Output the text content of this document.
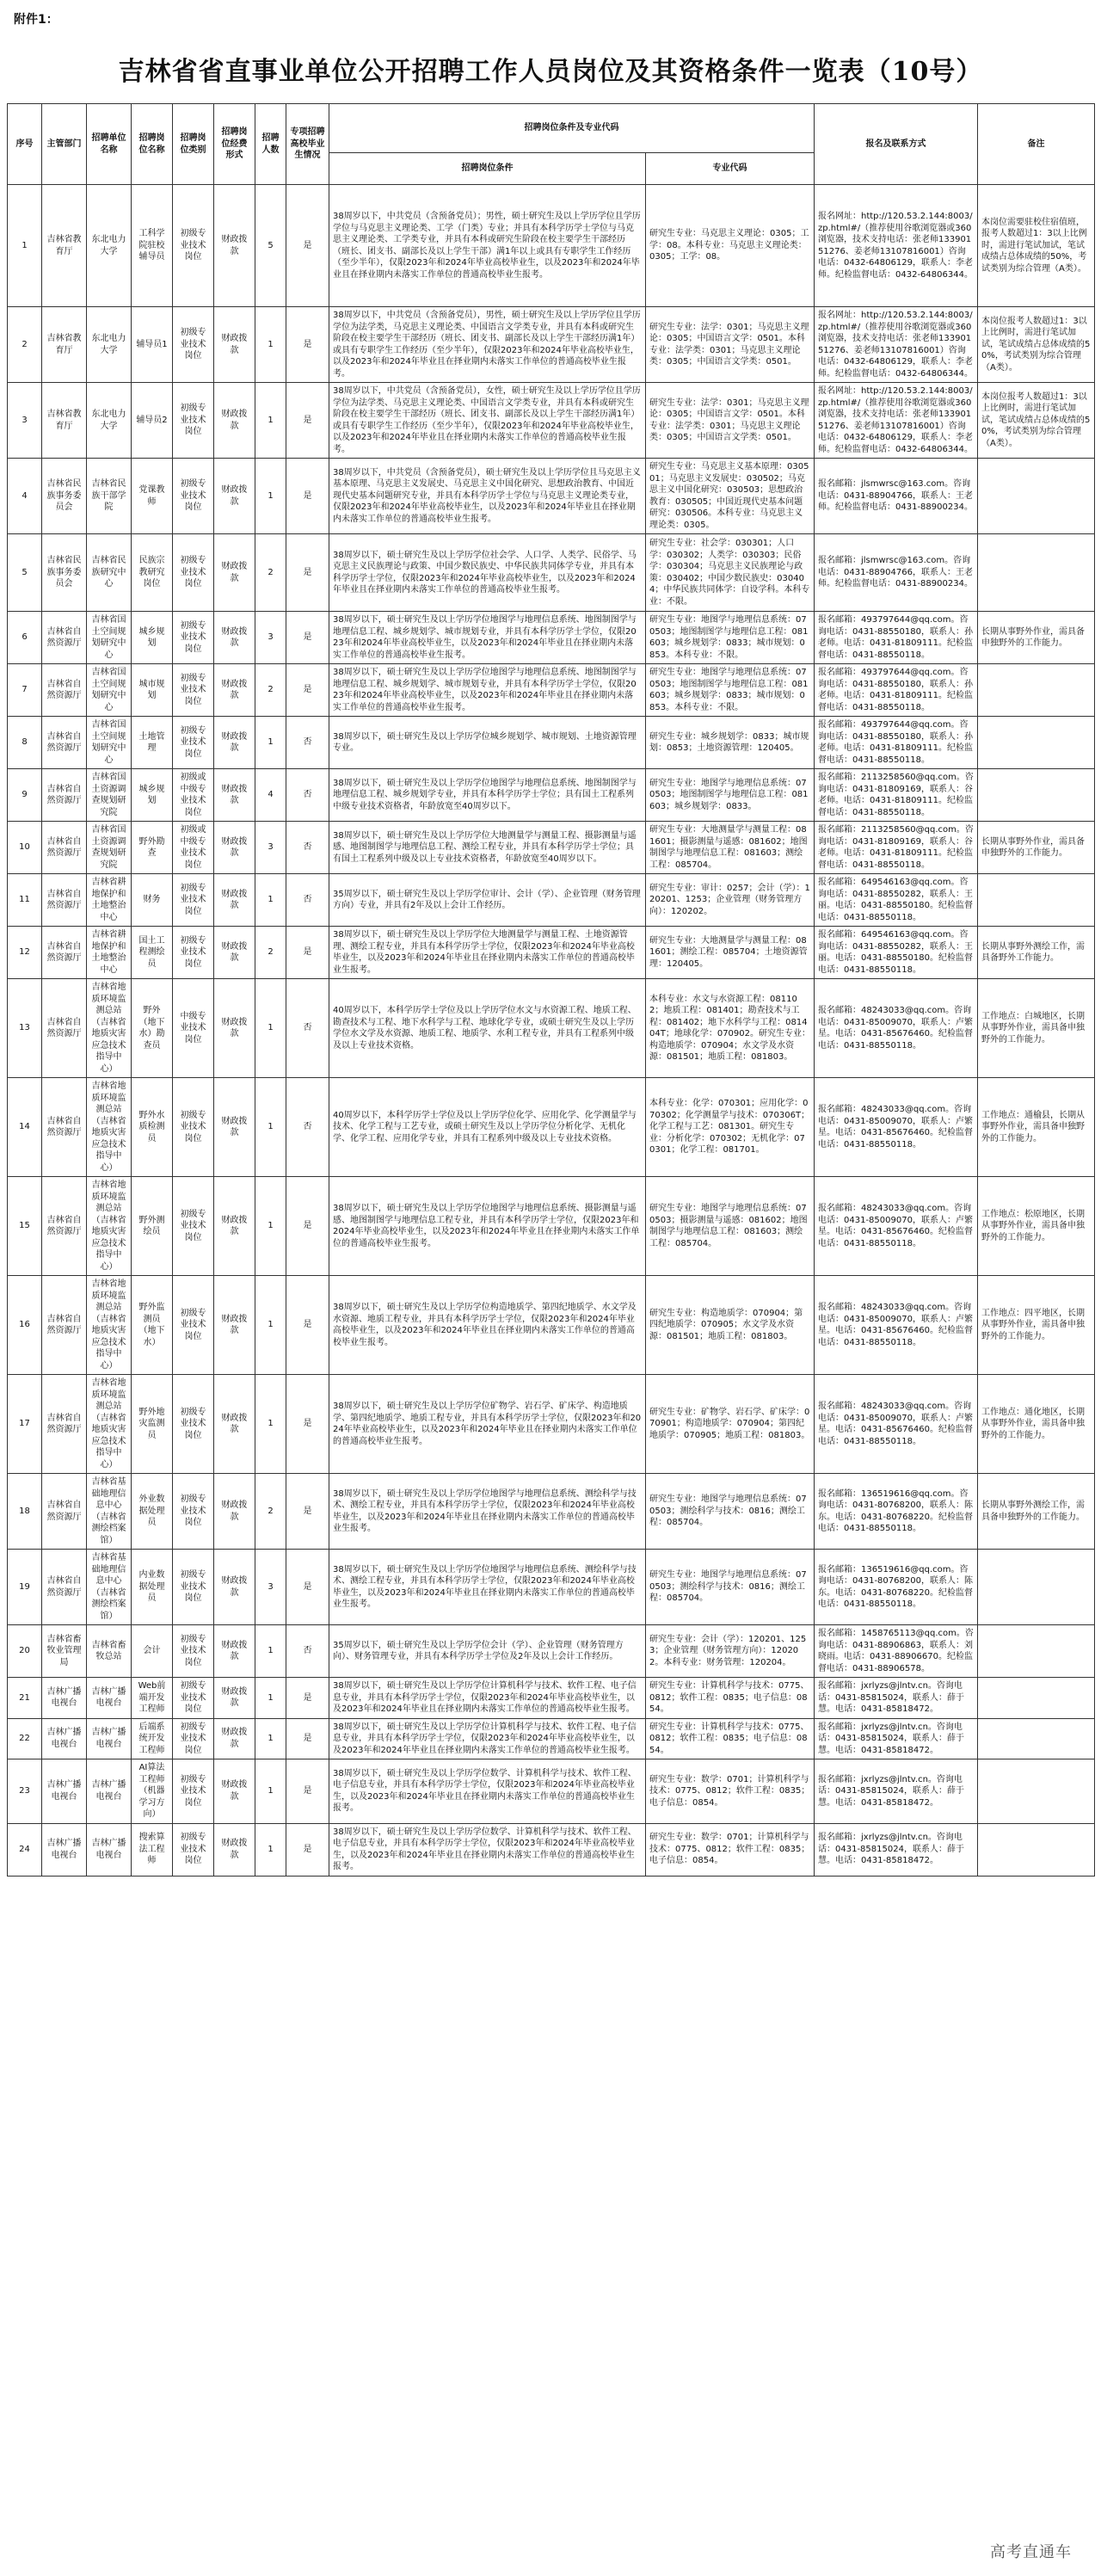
附件1：
吉林省省直事业单位公开招聘工作人员岗位及其资格条件一览表（10号）
序号	主管部门	招聘单位名称	招聘岗位名称	招聘岗位类别	招聘岗位经费形式	招聘人数	专项招聘高校毕业生情况	招聘岗位条件及专业代码		报名及联系方式	备注
								招聘岗位条件	专业代码		
1	吉林省教育厅	东北电力大学	工科学院驻校辅导员	初级专业技术岗位	财政拨款	5	是	38周岁以下，中共党员（含预备党员）；男性，硕士研究生及以上学历学位且学历学位与马克思主义理论类、工学（门类）专业；并具有本科学历学士学位与马克思主义理论类、工学类专业，并具有本科或研究生阶段在校主要学生干部经历（班长、团支书、副部长及以上学生干部）满1年以上或具有专职学生工作经历（至少半年），仅限2023年和2024年毕业高校毕业生，以及2023年和2024年毕业且在择业期内未落实工作单位的普通高校毕业生报考。	研究生专业：马克思主义理论：0305；工学：08。本科专业：马克思主义理论类：0305；工学：08。	报名网址：http://120.53.2.144:8003/zp.html#/（推荐使用谷歌浏览器或360浏览器，技术支持电话：张老师13390151276、姜老师13107816001）咨询电话：0432-64806129，联系人：李老师。纪检监督电话：0432-64806344。	本岗位需要驻校住宿值班，报考人数超过1：3以上比例时，需进行笔试加试，笔试成绩占总体成绩的50%，考试类别为综合管理（A类）。
2	吉林省教育厅	东北电力大学	辅导员1	初级专业技术岗位	财政拨款	1	是	38周岁以下，中共党员（含预备党员），男性，硕士研究生及以上学历学位且学历学位为法学类，马克思主义理论类、中国语言文学类专业，并具有本科或研究生阶段在校主要学生干部经历（班长、团支书、副部长及以上学生干部经历满1年）或具有专职学生工作经历（至少半年），仅限2023年和2024年毕业高校毕业生，以及2023年和2024年毕业且在择业期内未落实工作单位的普通高校毕业生报考。	研究生专业：法学：0301；马克思主义理论：0305；中国语言文学：0501。本科专业：法学类：0301；马克思主义理论类：0305；中国语言文学类：0501。	报名网址：http://120.53.2.144:8003/zp.html#/（推荐使用谷歌浏览器或360浏览器，技术支持电话：张老师13390151276、姜老师13107816001）咨询电话：0432-64806129，联系人：李老师。纪检监督电话：0432-64806344。	本岗位报考人数超过1：3以上比例时，需进行笔试加试，笔试成绩占总体成绩的50%，考试类别为综合管理（A类）。
3	吉林省教育厅	东北电力大学	辅导员2	初级专业技术岗位	财政拨款	1	是	38周岁以下，中共党员（含预备党员），女性，硕士研究生及以上学历学位且学历学位为法学类、马克思主义理论类、中国语言文学类专业，并具有本科或研究生阶段在校主要学生干部经历（班长、团支书、副部长及以上学生干部经历满1年）或具有专职学生工作经历（至少半年），仅限2023年和2024年毕业高校毕业生，以及2023年和2024年毕业且在择业期内未落实工作单位的普通高校毕业生报考。	研究生专业：法学：0301；马克思主义理论：0305；中国语言文学：0501。本科专业：法学类：0301；马克思主义理论类：0305；中国语言文学类：0501。	报名网址：http://120.53.2.144:8003/zp.html#/（推荐使用谷歌浏览器或360浏览器，技术支持电话：张老师13390151276、姜老师13107816001）咨询电话：0432-64806129，联系人：李老师。纪检监督电话：0432-64806344。	本岗位报考人数超过1：3以上比例时，需进行笔试加试，笔试成绩占总体成绩的50%，考试类别为综合管理（A类）。
4	吉林省民族事务委员会	吉林省民族干部学院	党课教师	初级专业技术岗位	财政拨款	1	是	38周岁以下，中共党员（含预备党员），硕士研究生及以上学历学位且马克思主义基本原理、马克思主义发展史、马克思主义中国化研究、思想政治教育、中国近现代史基本问题研究专业，并具有本科学历学士学位与马克思主义理论类专业，仅限2023年和2024年毕业高校毕业生，以及2023年和2024年毕业且在择业期内未落实工作单位的普通高校毕业生报考。	研究生专业：马克思主义基本原理：030501；马克思主义发展史：030502；马克思主义中国化研究：030503；思想政治教育：030505；中国近现代史基本问题研究：030506。本科专业：马克思主义理论类：0305。	报名邮箱：jlsmwrsc@163.com。咨询电话：0431-88904766，联系人：王老师。纪检监督电话：0431-88900234。	
5	吉林省民族事务委员会	吉林省民族研究中心	民族宗教研究岗位	初级专业技术岗位	财政拨款	2	是	38周岁以下，硕士研究生及以上学历学位社会学、人口学、人类学、民俗学、马克思主义民族理论与政策、中国少数民族史、中华民族共同体学专业，并具有本科学历学士学位，仅限2023年和2024年毕业高校毕业生，以及2023年和2024年毕业且在择业期内未落实工作单位的普通高校毕业生报考。	研究生专业：社会学：030301；人口学：030302；人类学：030303；民俗学：030304；马克思主义民族理论与政策：030402；中国少数民族史：030404；中华民族共同体学：自设学科。本科专业：不限。	报名邮箱：jlsmwrsc@163.com。咨询电话：0431-88904766，联系人：王老师。纪检监督电话：0431-88900234。	
6	吉林省自然资源厅	吉林省国土空间规划研究中心	城乡规划	初级专业技术岗位	财政拨款	3	是	38周岁以下，硕士研究生及以上学历学位地图学与地理信息系统、地图制图学与地理信息工程、城乡规划学、城市规划专业，并具有本科学历学士学位，仅限2023年和2024年毕业高校毕业生，以及2023年和2024年毕业且在择业期内未落实工作单位的普通高校毕业生报考。	研究生专业：地图学与地理信息系统：070503；地图制图学与地理信息工程：081603；城乡规划学：0833；城市规划：0853。本科专业：不限。	报名邮箱：493797644@qq.com。咨询电话：0431-88550180，联系人：孙老师。电话：0431-81809111。纪检监督电话：0431-88550118。	长期从事野外作业，需具备申独野外的工作能力。
7	吉林省自然资源厅	吉林省国土空间规划研究中心	城市规划	初级专业技术岗位	财政拨款	2	是	38周岁以下，硕士研究生及以上学历学位地图学与地理信息系统、地图制图学与地理信息工程、城乡规划学、城市规划专业，并具有本科学历学士学位，仅限2023年和2024年毕业高校毕业生，以及2023年和2024年毕业且在择业期内未落实工作单位的普通高校毕业生报考。	研究生专业：地图学与地理信息系统：070503；地图制图学与地理信息工程：081603；城乡规划学：0833；城市规划：0853。本科专业：不限。	报名邮箱：493797644@qq.com。咨询电话：0431-88550180，联系人：孙老师。电话：0431-81809111。纪检监督电话：0431-88550118。	
8	吉林省自然资源厅	吉林省国土空间规划研究中心	土地管理	初级专业技术岗位	财政拨款	1	否	38周岁以下，硕士研究生及以上学历学位城乡规划学、城市规划、土地资源管理专业。	研究生专业：城乡规划学：0833；城市规划：0853；土地资源管理：120405。	报名邮箱：493797644@qq.com。咨询电话：0431-88550180，联系人：孙老师。电话：0431-81809111。纪检监督电话：0431-88550118。	
9	吉林省自然资源厅	吉林省国土资源调查规划研究院	城乡规划	初级或中级专业技术岗位	财政拨款	4	否	38周岁以下，硕士研究生及以上学历学位地图学与地理信息系统、地图制图学与地理信息工程、城乡规划学专业，并具有本科学历学士学位；具有国土工程系列中级专业技术资格者，年龄放宽至40周岁以下。	研究生专业：地图学与地理信息系统：070503；地图制图学与地理信息工程：081603；城乡规划学：0833。	报名邮箱：2113258560@qq.com。咨询电话：0431-81809169，联系人：谷老师。电话：0431-81809111。纪检监督电话：0431-88550118。	
10	吉林省自然资源厅	吉林省国土资源调查规划研究院	野外勘查	初级或中级专业技术岗位	财政拨款	3	否	38周岁以下，硕士研究生及以上学历学位大地测量学与测量工程、摄影测量与遥感、地图制图学与地理信息工程、测绘工程专业，并具有本科学历学士学位；具有国土工程系列中级及以上专业技术资格者，年龄放宽至40周岁以下。	研究生专业：大地测量学与测量工程：081601；摄影测量与遥感：081602；地图制图学与地理信息工程：081603；测绘工程：085704。	报名邮箱：2113258560@qq.com。咨询电话：0431-81809169，联系人：谷老师。电话：0431-81809111。纪检监督电话：0431-88550118。	长期从事野外作业，需具备申独野外的工作能力。
11	吉林省自然资源厅	吉林省耕地保护和土地整治中心	财务	初级专业技术岗位	财政拨款	1	否	35周岁以下，硕士研究生及以上学历学位审计、会计（学）、企业管理（财务管理方向）专业，并具有2年及以上会计工作经历。	研究生专业：审计：0257；会计（学）：120201、1253；企业管理（财务管理方向）：120202。	报名邮箱：649546163@qq.com。咨询电话：0431-88550282，联系人：王丽。电话：0431-88550180。纪检监督电话：0431-88550118。	
12	吉林省自然资源厅	吉林省耕地保护和土地整治中心	国土工程测绘员	初级专业技术岗位	财政拨款	2	是	38周岁以下，硕士研究生及以上学历学位大地测量学与测量工程、土地资源管理、测绘工程专业，并具有本科学历学士学位，仅限2023年和2024年毕业高校毕业生，以及2023年和2024年毕业且在择业期内未落实工作单位的普通高校毕业生报考。	研究生专业：大地测量学与测量工程：081601；测绘工程：085704；土地资源管理：120405。	报名邮箱：649546163@qq.com。咨询电话：0431-88550282，联系人：王丽。电话：0431-88550180。纪检监督电话：0431-88550118。	长期从事野外测绘工作，需具备野外工作能力。
13	吉林省自然资源厅	吉林省地质环境监测总站（吉林省地质灾害应急技术指导中心）	野外（地下水）勘查员	中级专业技术岗位	财政拨款	1	否	40周岁以下，本科学历学士学位及以上学历学位水文与水资源工程、地质工程、勘查技术与工程、地下水科学与工程、地球化学专业，或硕士研究生及以上学历学位水文学及水资源、地质工程、地质学、水利工程专业，并具有工程系列中级及以上专业技术资格。	本科专业：水文与水资源工程：081102；地质工程：081401；勘查技术与工程：081402；地下水科学与工程：081404T；地球化学：070902。研究生专业：构造地质学：070904；水文学及水资源：081501；地质工程：081803。	报名邮箱：48243033@qq.com。咨询电话：0431-85009070，联系人：卢繁星。电话：0431-85676460。纪检监督电话：0431-88550118。	工作地点：白城地区，长期从事野外作业，需具备申独野外的工作能力。
14	吉林省自然资源厅	吉林省地质环境监测总站（吉林省地质灾害应急技术指导中心）	野外水质检测员	初级专业技术岗位	财政拨款	1	否	40周岁以下，本科学历学士学位及以上学历学位化学、应用化学、化学测量学与技术、化学工程与工艺专业，或硕士研究生及以上学历学位分析化学、无机化学、化学工程、应用化学专业，并具有工程系列中级及以上专业技术资格。	本科专业：化学：070301；应用化学：070302；化学测量学与技术：070306T；化学工程与工艺：081301。研究生专业：分析化学：070302；无机化学：070301；化学工程：081701。	报名邮箱：48243033@qq.com。咨询电话：0431-85009070，联系人：卢繁星。电话：0431-85676460。纪检监督电话：0431-88550118。	工作地点：通榆县，长期从事野外作业，需具备申独野外的工作能力。
15	吉林省自然资源厅	吉林省地质环境监测总站（吉林省地质灾害应急技术指导中心）	野外测绘员	初级专业技术岗位	财政拨款	1	是	38周岁以下，硕士研究生及以上学历学位地图学与地理信息系统、摄影测量与遥感、地图制图学与地理信息工程专业，并具有本科学历学士学位，仅限2023年和2024年毕业高校毕业生，以及2023年和2024年毕业且在择业期内未落实工作单位的普通高校毕业生报考。	研究生专业：地图学与地理信息系统：070503；摄影测量与遥感：081602；地图制图学与地理信息工程：081603；测绘工程：085704。	报名邮箱：48243033@qq.com。咨询电话：0431-85009070，联系人：卢繁星。电话：0431-85676460。纪检监督电话：0431-88550118。	工作地点：松原地区，长期从事野外作业，需具备申独野外的工作能力。
16	吉林省自然资源厅	吉林省地质环境监测总站（吉林省地质灾害应急技术指导中心）	野外监测员（地下水）	初级专业技术岗位	财政拨款	1	是	38周岁以下，硕士研究生及以上学历学位构造地质学、第四纪地质学、水文学及水资源、地质工程专业，并具有本科学历学士学位，仅限2023年和2024年毕业高校毕业生，以及2023年和2024年毕业且在择业期内未落实工作单位的普通高校毕业生报考。	研究生专业：构造地质学：070904；第四纪地质学：070905；水文学及水资源：081501；地质工程：081803。	报名邮箱：48243033@qq.com。咨询电话：0431-85009070，联系人：卢繁星。电话：0431-85676460。纪检监督电话：0431-88550118。	工作地点：四平地区，长期从事野外作业，需具备申独野外的工作能力。
17	吉林省自然资源厅	吉林省地质环境监测总站（吉林省地质灾害应急技术指导中心）	野外地灾监测员	初级专业技术岗位	财政拨款	1	是	38周岁以下，硕士研究生及以上学历学位矿物学、岩石学、矿床学、构造地质学、第四纪地质学、地质工程专业，并具有本科学历学士学位，仅限2023年和2024年毕业高校毕业生，以及2023年和2024年毕业且在择业期内未落实工作单位的普通高校毕业生报考。	研究生专业：矿物学、岩石学、矿床学：070901；构造地质学：070904；第四纪地质学：070905；地质工程：081803。	报名邮箱：48243033@qq.com。咨询电话：0431-85009070，联系人：卢繁星。电话：0431-85676460。纪检监督电话：0431-88550118。	工作地点：通化地区，长期从事野外作业，需具备申独野外的工作能力。
18	吉林省自然资源厅	吉林省基础地理信息中心（吉林省测绘档案馆）	外业数据处理员	初级专业技术岗位	财政拨款	2	是	38周岁以下，硕士研究生及以上学历学位地图学与地理信息系统、测绘科学与技术、测绘工程专业，并具有本科学历学士学位，仅限2023年和2024年毕业高校毕业生，以及2023年和2024年毕业且在择业期内未落实工作单位的普通高校毕业生报考。	研究生专业：地图学与地理信息系统：070503；测绘科学与技术：0816；测绘工程：085704。	报名邮箱：136519616@qq.com。咨询电话：0431-80768200，联系人：陈东。电话：0431-80768220。纪检监督电话：0431-88550118。	长期从事野外测绘工作，需具备申独野外的工作能力。
19	吉林省自然资源厅	吉林省基础地理信息中心（吉林省测绘档案馆）	内业数据处理员	初级专业技术岗位	财政拨款	3	是	38周岁以下，硕士研究生及以上学历学位地图学与地理信息系统、测绘科学与技术、测绘工程专业，并具有本科学历学士学位，仅限2023年和2024年毕业高校毕业生，以及2023年和2024年毕业且在择业期内未落实工作单位的普通高校毕业生报考。	研究生专业：地图学与地理信息系统：070503；测绘科学与技术：0816；测绘工程：085704。	报名邮箱：136519616@qq.com。咨询电话：0431-80768200，联系人：陈东。电话：0431-80768220。纪检监督电话：0431-88550118。	
20	吉林省畜牧业管理局	吉林省畜牧总站	会计	初级专业技术岗位	财政拨款	1	否	35周岁以下，硕士研究生及以上学历学位会计（学）、企业管理（财务管理方向）、财务管理专业，并具有本科学历学士学位及2年及以上会计工作经历。	研究生专业：会计（学）：120201、1253；企业管理（财务管理方向）：120202。本科专业：财务管理：120204。	报名邮箱：1458765113@qq.com。咨询电话：0431-88906863，联系人：刘晓雨。电话：0431-88906670。纪检监督电话：0431-88906578。	
21	吉林广播电视台	吉林广播电视台	Web前端开发工程师	初级专业技术岗位	财政拨款	1	是	38周岁以下，硕士研究生及以上学历学位计算机科学与技术、软件工程、电子信息专业，并具有本科学历学士学位，仅限2023年和2024年毕业高校毕业生，以及2023年和2024年毕业且在择业期内未落实工作单位的普通高校毕业生报考。	研究生专业：计算机科学与技术：0775、0812；软件工程：0835；电子信息：0854。	报名邮箱：jxrlyzs@jlntv.cn。咨询电话：0431-85815024，联系人：薛于慧。电话：0431-85818472。	
22	吉林广播电视台	吉林广播电视台	后端系统开发工程师	初级专业技术岗位	财政拨款	1	是	38周岁以下，硕士研究生及以上学历学位计算机科学与技术、软件工程、电子信息专业，并具有本科学历学士学位，仅限2023年和2024年毕业高校毕业生，以及2023年和2024年毕业且在择业期内未落实工作单位的普通高校毕业生报考。	研究生专业：计算机科学与技术：0775、0812；软件工程：0835；电子信息：0854。	报名邮箱：jxrlyzs@jlntv.cn。咨询电话：0431-85815024，联系人：薛于慧。电话：0431-85818472。	
23	吉林广播电视台	吉林广播电视台	AI算法工程师（机器学习方向）	初级专业技术岗位	财政拨款	1	是	38周岁以下，硕士研究生及以上学历学位数学、计算机科学与技术、软件工程、电子信息专业，并具有本科学历学士学位，仅限2023年和2024年毕业高校毕业生，以及2023年和2024年毕业且在择业期内未落实工作单位的普通高校毕业生报考。	研究生专业：数学：0701；计算机科学与技术：0775、0812；软件工程：0835；电子信息：0854。	报名邮箱：jxrlyzs@jlntv.cn。咨询电话：0431-85815024，联系人：薛于慧。电话：0431-85818472。	
24	吉林广播电视台	吉林广播电视台	搜索算法工程师	初级专业技术岗位	财政拨款	1	是	38周岁以下，硕士研究生及以上学历学位数学、计算机科学与技术、软件工程、电子信息专业，并具有本科学历学士学位，仅限2023年和2024年毕业高校毕业生，以及2023年和2024年毕业且在择业期内未落实工作单位的普通高校毕业生报考。	研究生专业：数学：0701；计算机科学与技术：0775、0812；软件工程：0835；电子信息：0854。	报名邮箱：jxrlyzs@jlntv.cn。咨询电话：0431-85815024，联系人：薛于慧。电话：0431-85818472。	
高考直通车
